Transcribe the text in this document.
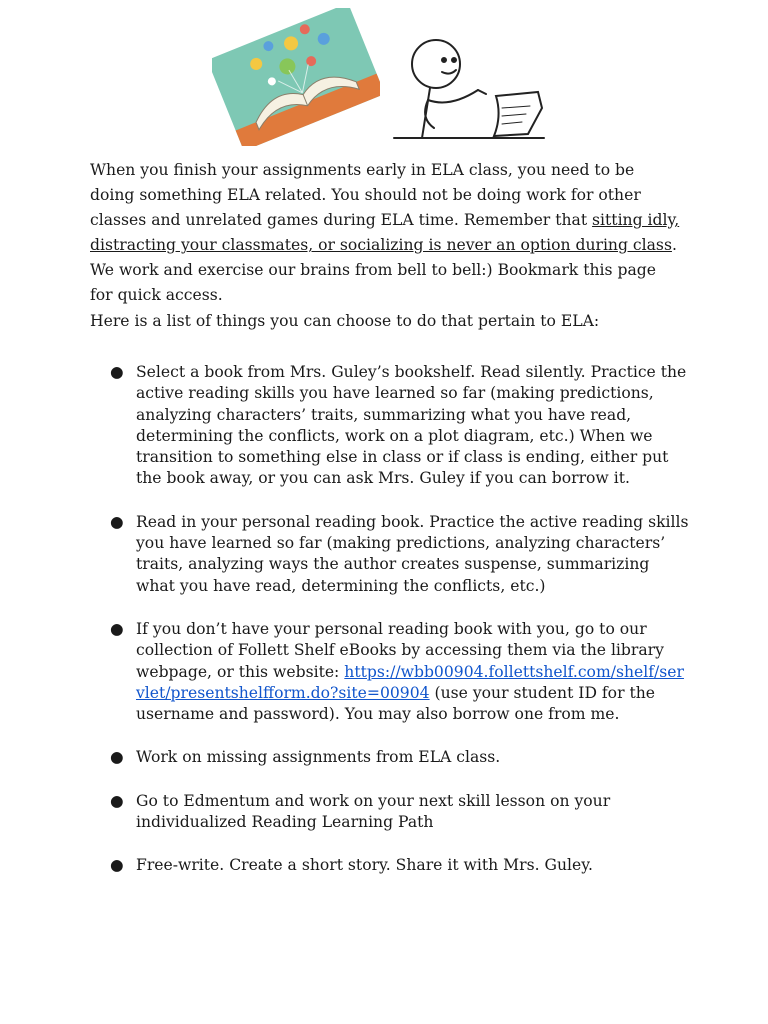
When you finish your assignments early in ELA class, you need to be doing something ELA related. You should not be doing work for other classes and unrelated games during ELA time. Remember that sitting idly, distracting your classmates, or socializing is never an option during class. We work and exercise our brains from bell to bell:) Bookmark this page for quick access.

Here is a list of things you can choose to do that pertain to ELA:

● Select a book from Mrs. Guley’s bookshelf. Read silently. Practice the active reading skills you have learned so far (making predictions, analyzing characters’ traits, summarizing what you have read, determining the conflicts, work on a plot diagram, etc.) When we transition to something else in class or if class is ending, either put the book away, or you can ask Mrs. Guley if you can borrow it.
● Read in your personal reading book. Practice the active reading skills you have learned so far (making predictions, analyzing characters’ traits, analyzing ways the author creates suspense, summarizing what you have read, determining the conflicts, etc.)
● If you don’t have your personal reading book with you, go to our collection of Follett Shelf eBooks by accessing them via the library webpage, or this website: https://wbb00904.follettshelf.com/shelf/servlet/presentshelfform.do?site=00904 (use your student ID for the username and password). You may also borrow one from me.
● Work on missing assignments from ELA class.
● Go to Edmentum and work on your next skill lesson on your individualized Reading Learning Path
● Free-write. Create a short story. Share it with Mrs. Guley.
